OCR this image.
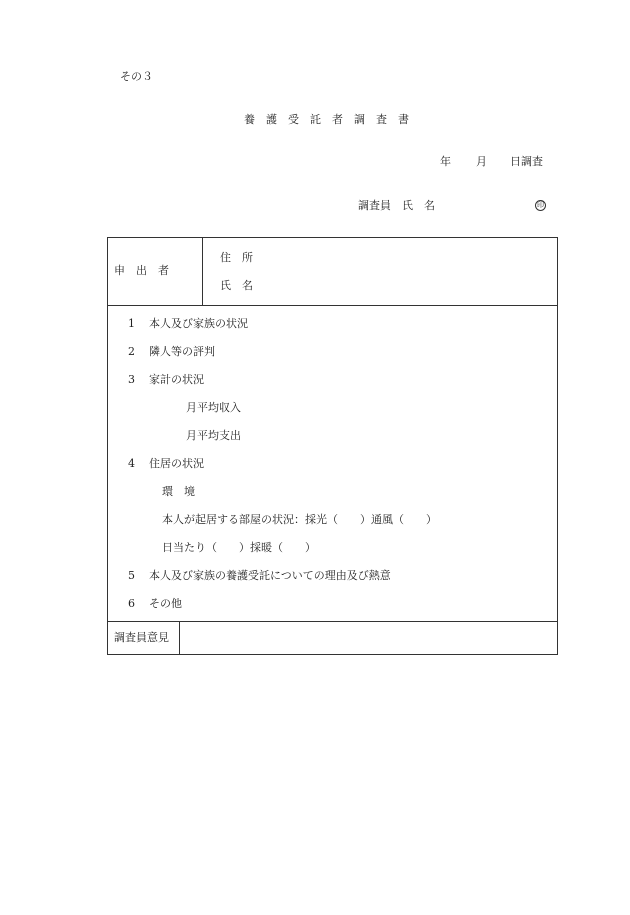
その３
養 護 受 託 者 調 査 書
年 月 日調査
調査員 氏　名	印
申　出　者
住　所
氏　名
1 本人及び家族の状況
2 隣人等の評判
3 家計の状況
月平均収入
月平均支出
4 住居の状況
環　境
本人が起居する部屋の状況：採光（　　）通風（　　）
日当たり（　　）採暖（　　）
5 本人及び家族の養護受託についての理由及び熱意
6 その他
調査員意見
